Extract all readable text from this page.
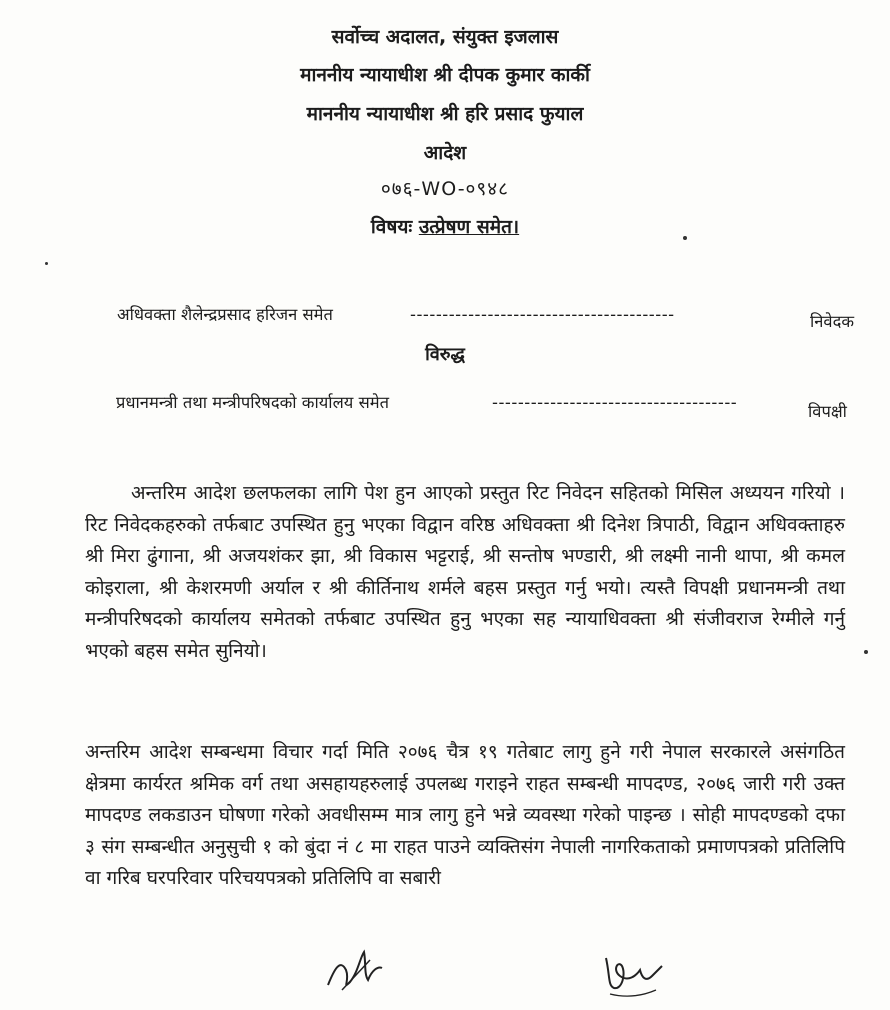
सर्वोच्च अदालत, संयुक्त इजलास
माननीय न्यायाधीश श्री दीपक कुमार कार्की
माननीय न्यायाधीश श्री हरि प्रसाद फुयाल
आदेश
०७६-WO-०९४८
विषयः उत्प्रेषण समेत।
अधिवक्ता शैलेन्द्रप्रसाद हरिजन समेत	-----------------------------------------	निवेदक
विरुद्ध
प्रधानमन्त्री तथा मन्त्रीपरिषदको कार्यालय समेत	--------------------------------------	विपक्षी

अन्तरिम आदेश छलफलका लागि पेश हुन आएको प्रस्तुत रिट निवेदन सहितको मिसिल अध्ययन गरियो । रिट निवेदकहरुको तर्फबाट उपस्थित हुनु भएका विद्वान वरिष्ठ अधिवक्ता श्री दिनेश त्रिपाठी, विद्वान अधिवक्ताहरु श्री मिरा ढुंगाना, श्री अजयशंकर झा, श्री विकास भट्टराई, श्री सन्तोष भण्डारी, श्री लक्ष्मी नानी थापा, श्री कमल कोइराला, श्री केशरमणी अर्याल र श्री कीर्तिनाथ शर्मले बहस प्रस्तुत गर्नु भयो। त्यस्तै विपक्षी प्रधानमन्त्री तथा मन्त्रीपरिषदको कार्यालय समेतको तर्फबाट उपस्थित हुनु भएका सह न्यायाधिवक्ता श्री संजीवराज रेग्मीले गर्नु भएको बहस समेत सुनियो।

अन्तरिम आदेश सम्बन्धमा विचार गर्दा मिति २०७६ चैत्र १९ गतेबाट लागु हुने गरी नेपाल सरकारले असंगठित क्षेत्रमा कार्यरत श्रमिक वर्ग तथा असहायहरुलाई उपलब्ध गराइने राहत सम्बन्धी मापदण्ड, २०७६ जारी गरी उक्त मापदण्ड लकडाउन घोषणा गरेको अवधीसम्म मात्र लागु हुने भन्ने व्यवस्था गरेको पाइन्छ । सोही मापदण्डको दफा ३ संग सम्बन्धीत अनुसुची १ को बुंदा नं ८ मा राहत पाउने व्यक्तिसंग नेपाली नागरिकताको प्रमाणपत्रको प्रतिलिपि वा गरिब घरपरिवार परिचयपत्रको प्रतिलिपि वा सबारी
